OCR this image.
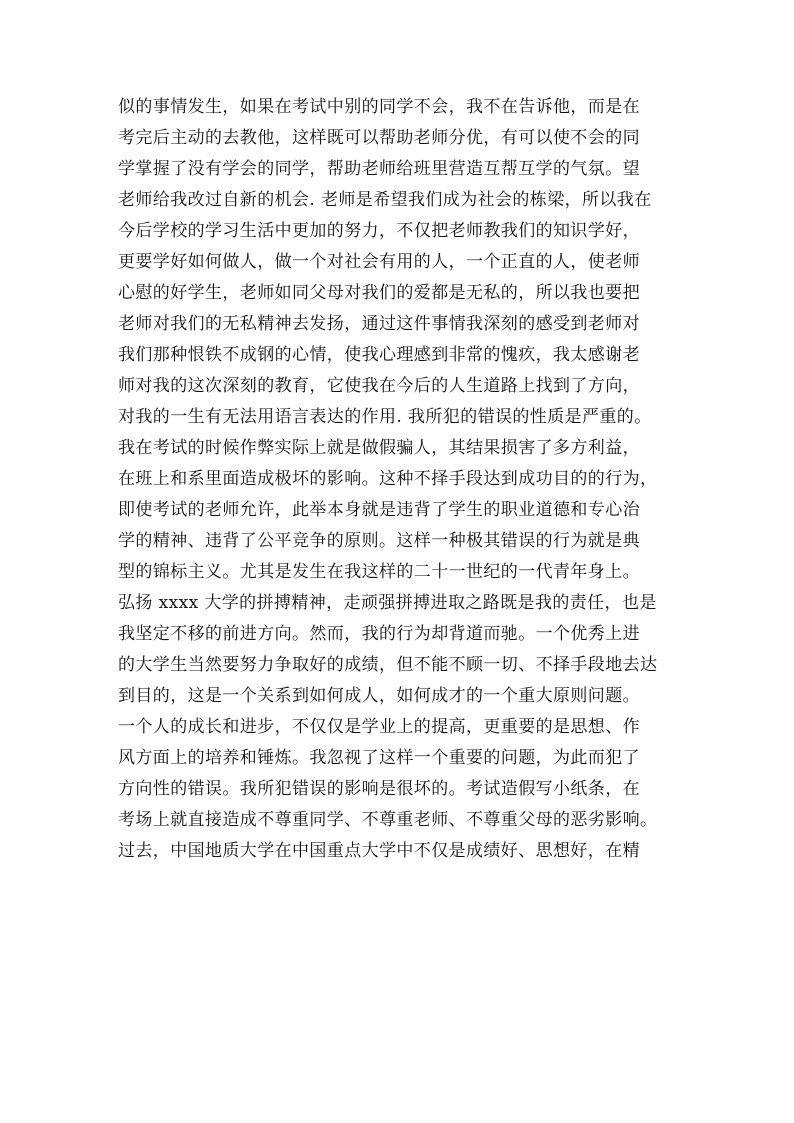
似的事情发生，如果在考试中别的同学不会，我不在告诉他，而是在
考完后主动的去教他，这样既可以帮助老师分优，有可以使不会的同
学掌握了没有学会的同学，帮助老师给班里营造互帮互学的气氛。望
老师给我改过自新的机会. 老师是希望我们成为社会的栋梁，所以我在
今后学校的学习生活中更加的努力，不仅把老师教我们的知识学好，
更要学好如何做人，做一个对社会有用的人，一个正直的人，使老师
心慰的好学生，老师如同父母对我们的爱都是无私的，所以我也要把
老师对我们的无私精神去发扬，通过这件事情我深刻的感受到老师对
我们那种恨铁不成钢的心情，使我心理感到非常的愧疚，我太感谢老
师对我的这次深刻的教育，它使我在今后的人生道路上找到了方向，
对我的一生有无法用语言表达的作用. 我所犯的错误的性质是严重的。
我在考试的时候作弊实际上就是做假骗人，其结果损害了多方利益，
在班上和系里面造成极坏的影响。这种不择手段达到成功目的的行为，
即使考试的老师允许，此举本身就是违背了学生的职业道德和专心治
学的精神、违背了公平竞争的原则。这样一种极其错误的行为就是典
型的锦标主义。尤其是发生在我这样的二十一世纪的一代青年身上。
弘扬 xxxx 大学的拼搏精神，走顽强拼搏进取之路既是我的责任，也是
我坚定不移的前进方向。然而，我的行为却背道而驰。一个优秀上进
的大学生当然要努力争取好的成绩，但不能不顾一切、不择手段地去达
到目的，这是一个关系到如何成人，如何成才的一个重大原则问题。
一个人的成长和进步，不仅仅是学业上的提高，更重要的是思想、作
风方面上的培养和锤炼。我忽视了这样一个重要的问题，为此而犯了
方向性的错误。我所犯错误的影响是很坏的。考试造假写小纸条，在
考场上就直接造成不尊重同学、不尊重老师、不尊重父母的恶劣影响。
过去，中国地质大学在中国重点大学中不仅是成绩好、思想好，在精
